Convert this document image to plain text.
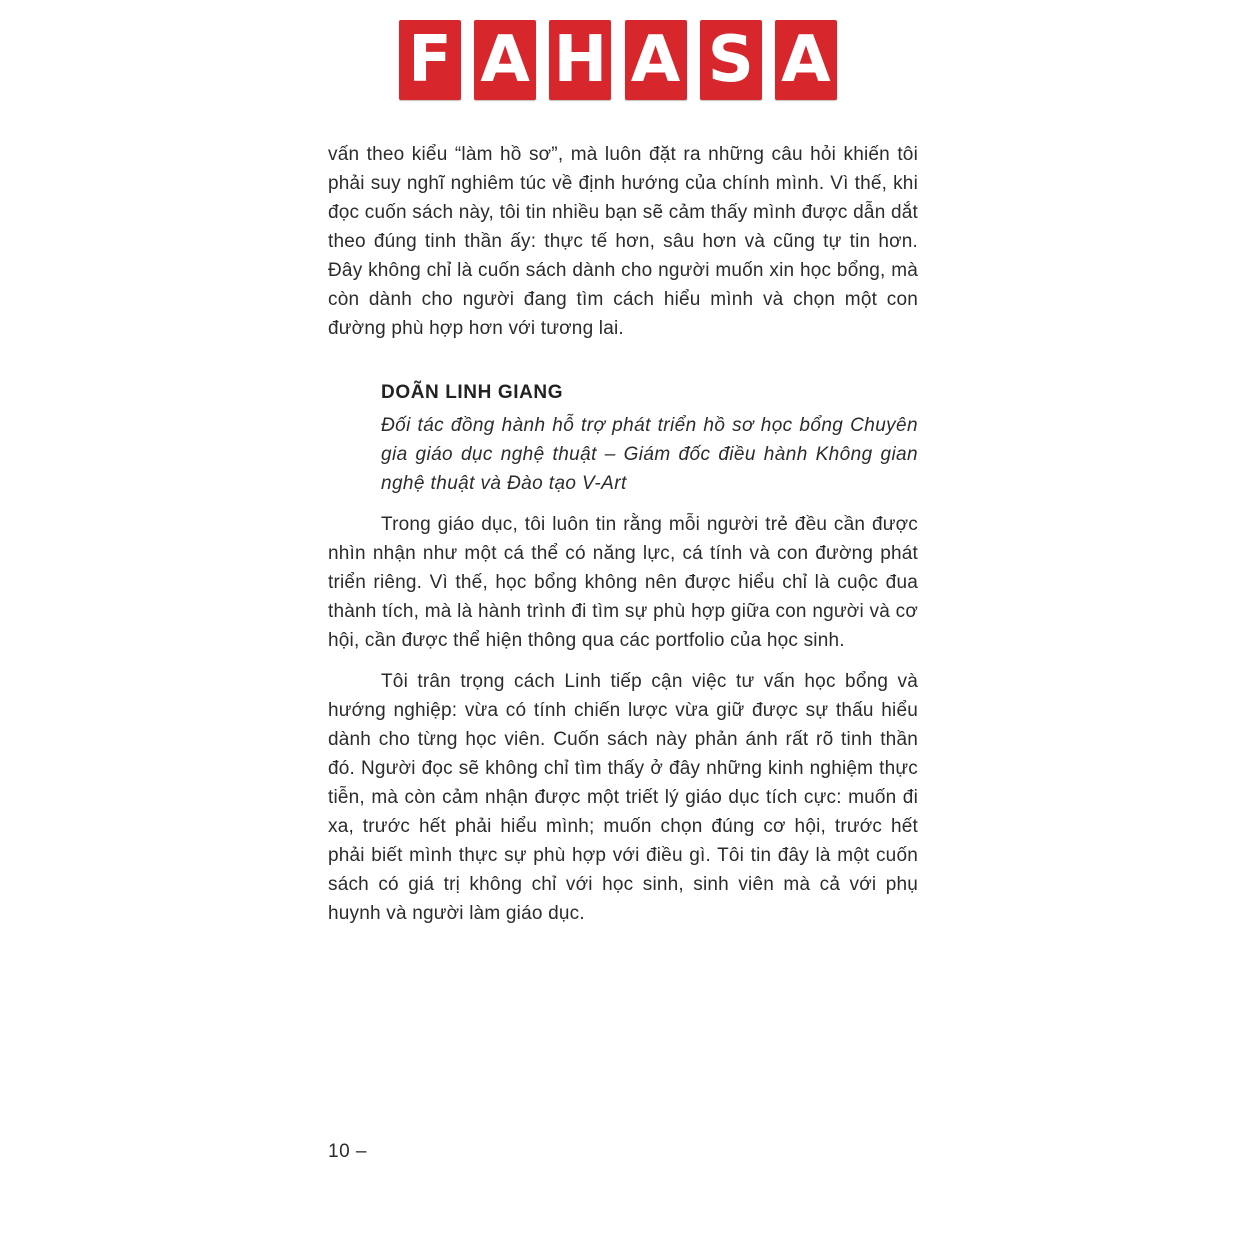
F A H A S A

vấn theo kiểu “làm hồ sơ”, mà luôn đặt ra những câu hỏi khiến tôi phải suy nghĩ nghiêm túc về định hướng của chính mình. Vì thế, khi đọc cuốn sách này, tôi tin nhiều bạn sẽ cảm thấy mình được dẫn dắt theo đúng tinh thần ấy: thực tế hơn, sâu hơn và cũng tự tin hơn. Đây không chỉ là cuốn sách dành cho người muốn xin học bổng, mà còn dành cho người đang tìm cách hiểu mình và chọn một con đường phù hợp hơn với tương lai.

DOÃN LINH GIANG

Đối tác đồng hành hỗ trợ phát triển hồ sơ học bổng Chuyên gia giáo dục nghệ thuật – Giám đốc điều hành Không gian nghệ thuật và Đào tạo V-Art

Trong giáo dục, tôi luôn tin rằng mỗi người trẻ đều cần được nhìn nhận như một cá thể có năng lực, cá tính và con đường phát triển riêng. Vì thế, học bổng không nên được hiểu chỉ là cuộc đua thành tích, mà là hành trình đi tìm sự phù hợp giữa con người và cơ hội, cần được thể hiện thông qua các portfolio của học sinh.

Tôi trân trọng cách Linh tiếp cận việc tư vấn học bổng và hướng nghiệp: vừa có tính chiến lược vừa giữ được sự thấu hiểu dành cho từng học viên. Cuốn sách này phản ánh rất rõ tinh thần đó. Người đọc sẽ không chỉ tìm thấy ở đây những kinh nghiệm thực tiễn, mà còn cảm nhận được một triết lý giáo dục tích cực: muốn đi xa, trước hết phải hiểu mình; muốn chọn đúng cơ hội, trước hết phải biết mình thực sự phù hợp với điều gì. Tôi tin đây là một cuốn sách có giá trị không chỉ với học sinh, sinh viên mà cả với phụ huynh và người làm giáo dục.

10 –
